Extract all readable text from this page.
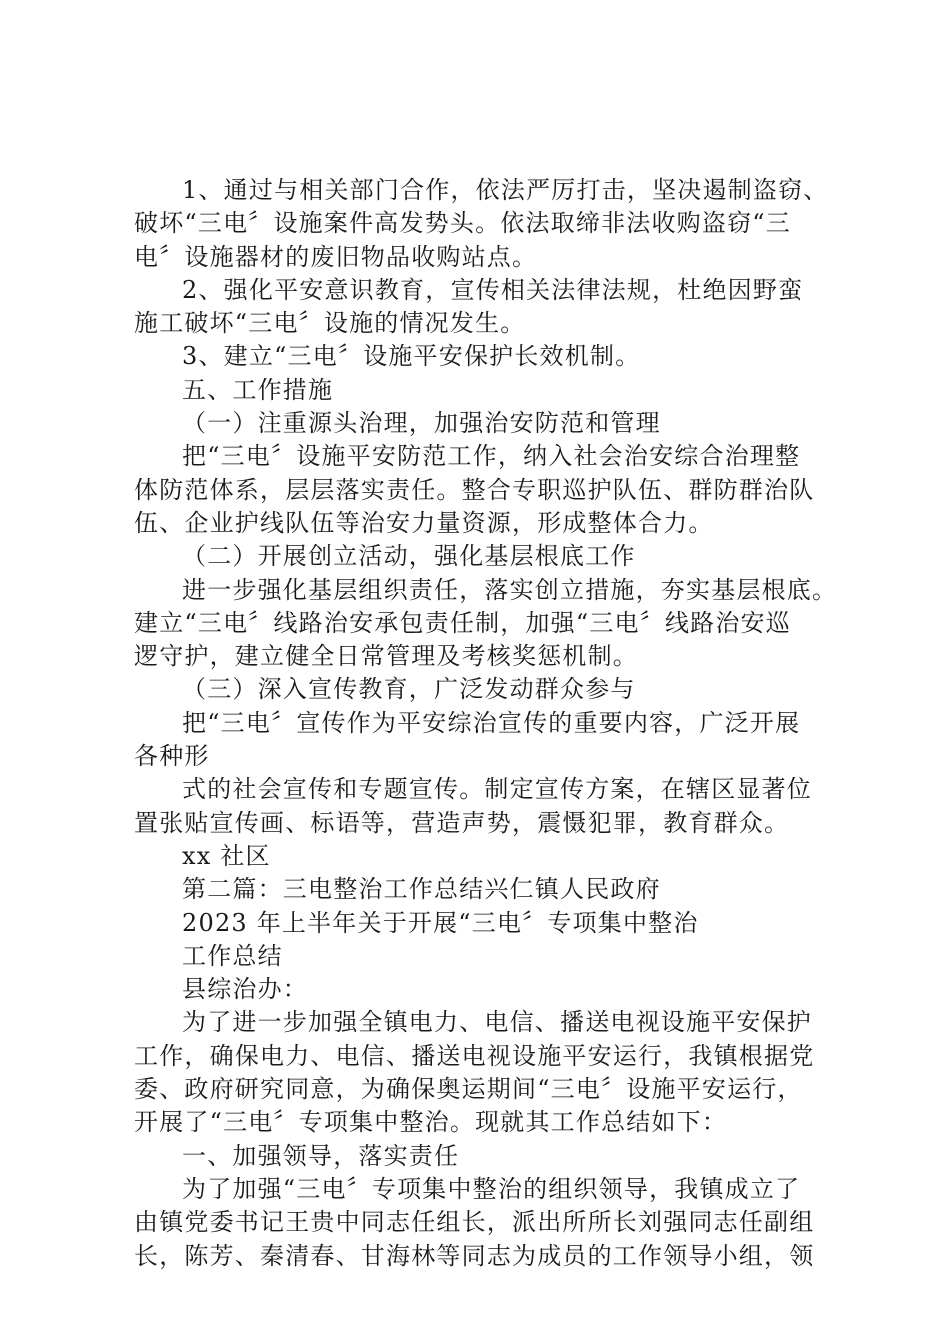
1、通过与相关部门合作，依法严厉打击，坚决遏制盗窃、
破坏“三电〞设施案件高发势头。依法取缔非法收购盗窃“三
电〞设施器材的废旧物品收购站点。
2、强化平安意识教育，宣传相关法律法规，杜绝因野蛮
施工破坏“三电〞设施的情况发生。
3、建立“三电〞设施平安保护长效机制。
五、工作措施
（一）注重源头治理，加强治安防范和管理
把“三电〞设施平安防范工作，纳入社会治安综合治理整
体防范体系，层层落实责任。整合专职巡护队伍、群防群治队
伍、企业护线队伍等治安力量资源，形成整体合力。
（二）开展创立活动，强化基层根底工作
进一步强化基层组织责任，落实创立措施，夯实基层根底。
建立“三电〞线路治安承包责任制，加强“三电〞线路治安巡
逻守护，建立健全日常管理及考核奖惩机制。
（三）深入宣传教育，广泛发动群众参与
把“三电〞宣传作为平安综治宣传的重要内容，广泛开展
各种形
式的社会宣传和专题宣传。制定宣传方案，在辖区显著位
置张贴宣传画、标语等，营造声势，震慑犯罪，教育群众。
xx 社区
第二篇：三电整治工作总结兴仁镇人民政府
2023 年上半年关于开展“三电〞专项集中整治
工作总结
县综治办：
为了进一步加强全镇电力、电信、播送电视设施平安保护
工作，确保电力、电信、播送电视设施平安运行，我镇根据党
委、政府研究同意，为确保奥运期间“三电〞设施平安运行，
开展了“三电〞专项集中整治。现就其工作总结如下：
一、加强领导，落实责任
为了加强“三电〞专项集中整治的组织领导，我镇成立了
由镇党委书记王贵中同志任组长，派出所所长刘强同志任副组
长，陈芳、秦清春、甘海林等同志为成员的工作领导小组，领
